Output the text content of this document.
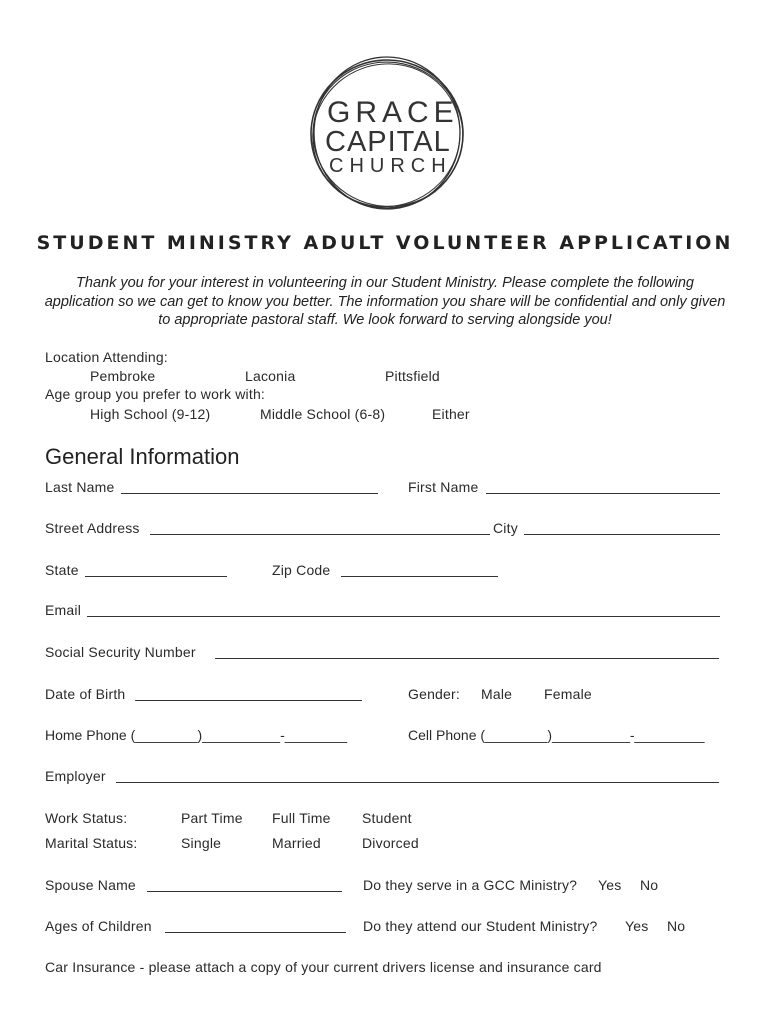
GRACE
CAPITAL
CHURCH
STUDENT MINISTRY ADULT VOLUNTEER APPLICATION
Thank you for your interest in volunteering in our Student Ministry. Please complete the following application so we can get to know you better. The information you share will be confidential and only given to appropriate pastoral staff. We look forward to serving alongside you!
Location Attending:
Pembroke	Laconia	Pittsfield
Age group you prefer to work with:
High School (9-12)	Middle School (6-8)	Either
General Information
Last Name	First Name
Street Address	City
State	Zip Code
Email
Social Security Number
Date of Birth	Gender: Male Female
Home Phone (________)__________-________	Cell Phone (________)__________-_________
Employer
Work Status:	Part Time Full Time Student
Marital Status:	Single	Married	Divorced
Spouse Name	Do they serve in a GCC Ministry? Yes No
Ages of Children	Do they attend our Student Ministry? Yes No
Car Insurance - please attach a copy of your current drivers license and insurance card
